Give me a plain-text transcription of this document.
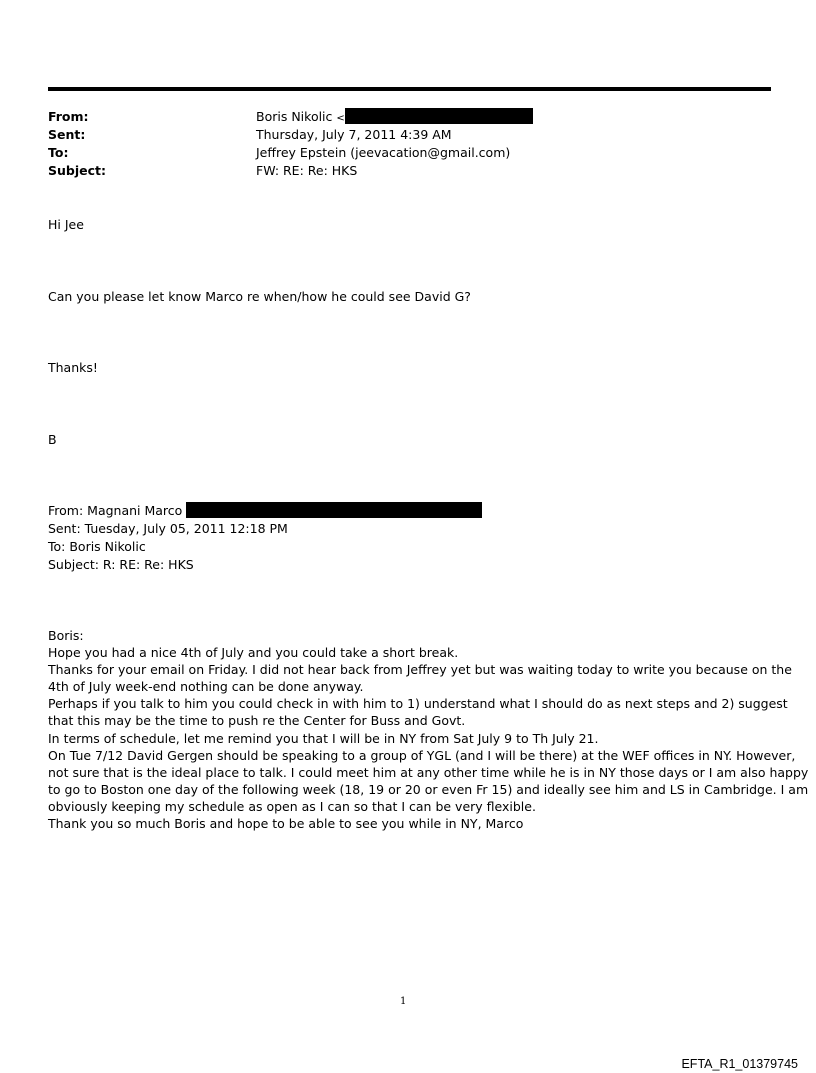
From:	Boris Nikolic <
Sent:	Thursday, July 7, 2011 4:39 AM
To:	Jeffrey Epstein (jeevacation@gmail.com)
Subject:	FW: RE: Re: HKS
Hi Jee
Can you please let know Marco re when/how he could see David G?
Thanks!
B
From: Magnani Marco
Sent: Tuesday, July 05, 2011 12:18 PM
To: Boris Nikolic
Subject: R: RE: Re: HKS
Boris:
Hope you had a nice 4th of July and you could take a short break.
Thanks for your email on Friday. I did not hear back from Jeffrey yet but was waiting today to write you because on the
4th of July week-end nothing can be done anyway.
Perhaps if you talk to him you could check in with him to 1) understand what I should do as next steps and 2) suggest
that this may be the time to push re the Center for Buss and Govt.
In terms of schedule, let me remind you that I will be in NY from Sat July 9 to Th July 21.
On Tue 7/12 David Gergen should be speaking to a group of YGL (and I will be there) at the WEF offices in NY. However,
not sure that is the ideal place to talk. I could meet him at any other time while he is in NY those days or I am also happy
to go to Boston one day of the following week (18, 19 or 20 or even Fr 15) and ideally see him and LS in Cambridge. I am
obviously keeping my schedule as open as I can so that I can be very flexible.
Thank you so much Boris and hope to be able to see you while in NY, Marco
1
EFTA_R1_01379745
